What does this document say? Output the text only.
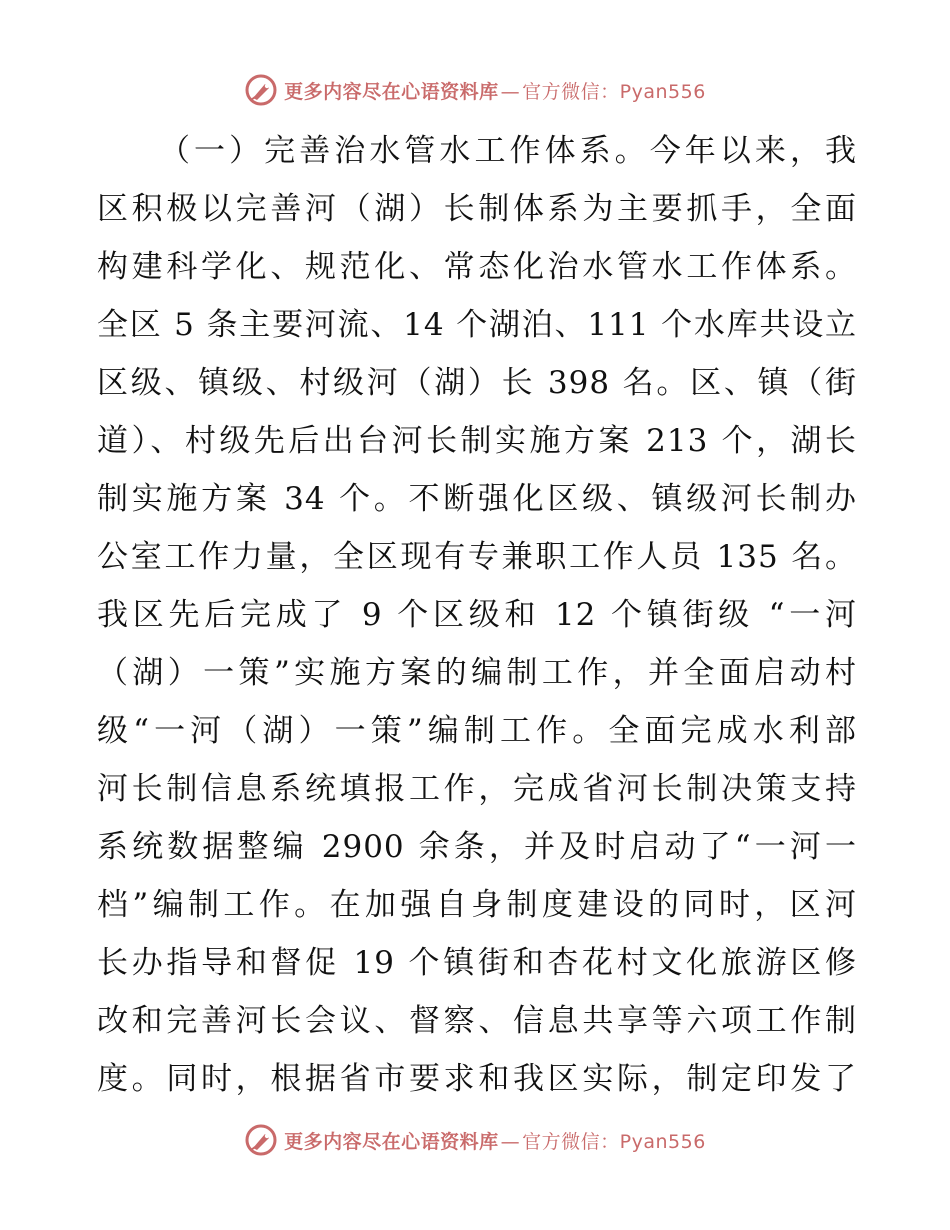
更多内容尽在心语资料库 — 官方微信：Pyan556
（一）完善治水管水工作体系。今年以来，我
区积极以完善河（湖）长制体系为主要抓手，全面
构建科学化、规范化、常态化治水管水工作体系。
全区 5 条主要河流、14 个湖泊、111 个水库共设立
区级、镇级、村级河（湖）长 398 名。区、镇（街
道）、村级先后出台河长制实施方案 213 个，湖长
制实施方案 34 个。不断强化区级、镇级河长制办
公室工作力量，全区现有专兼职工作人员 135 名。
我区先后完成了 9 个区级和 12 个镇街级 “一河
（湖）一策”实施方案的编制工作，并全面启动村
级“一河（湖）一策”编制工作。全面完成水利部
河长制信息系统填报工作，完成省河长制决策支持
系统数据整编 2900 余条，并及时启动了“一河一
档”编制工作。在加强自身制度建设的同时，区河
长办指导和督促 19 个镇街和杏花村文化旅游区修
改和完善河长会议、督察、信息共享等六项工作制
度。同时，根据省市要求和我区实际，制定印发了
更多内容尽在心语资料库 — 官方微信：Pyan556
